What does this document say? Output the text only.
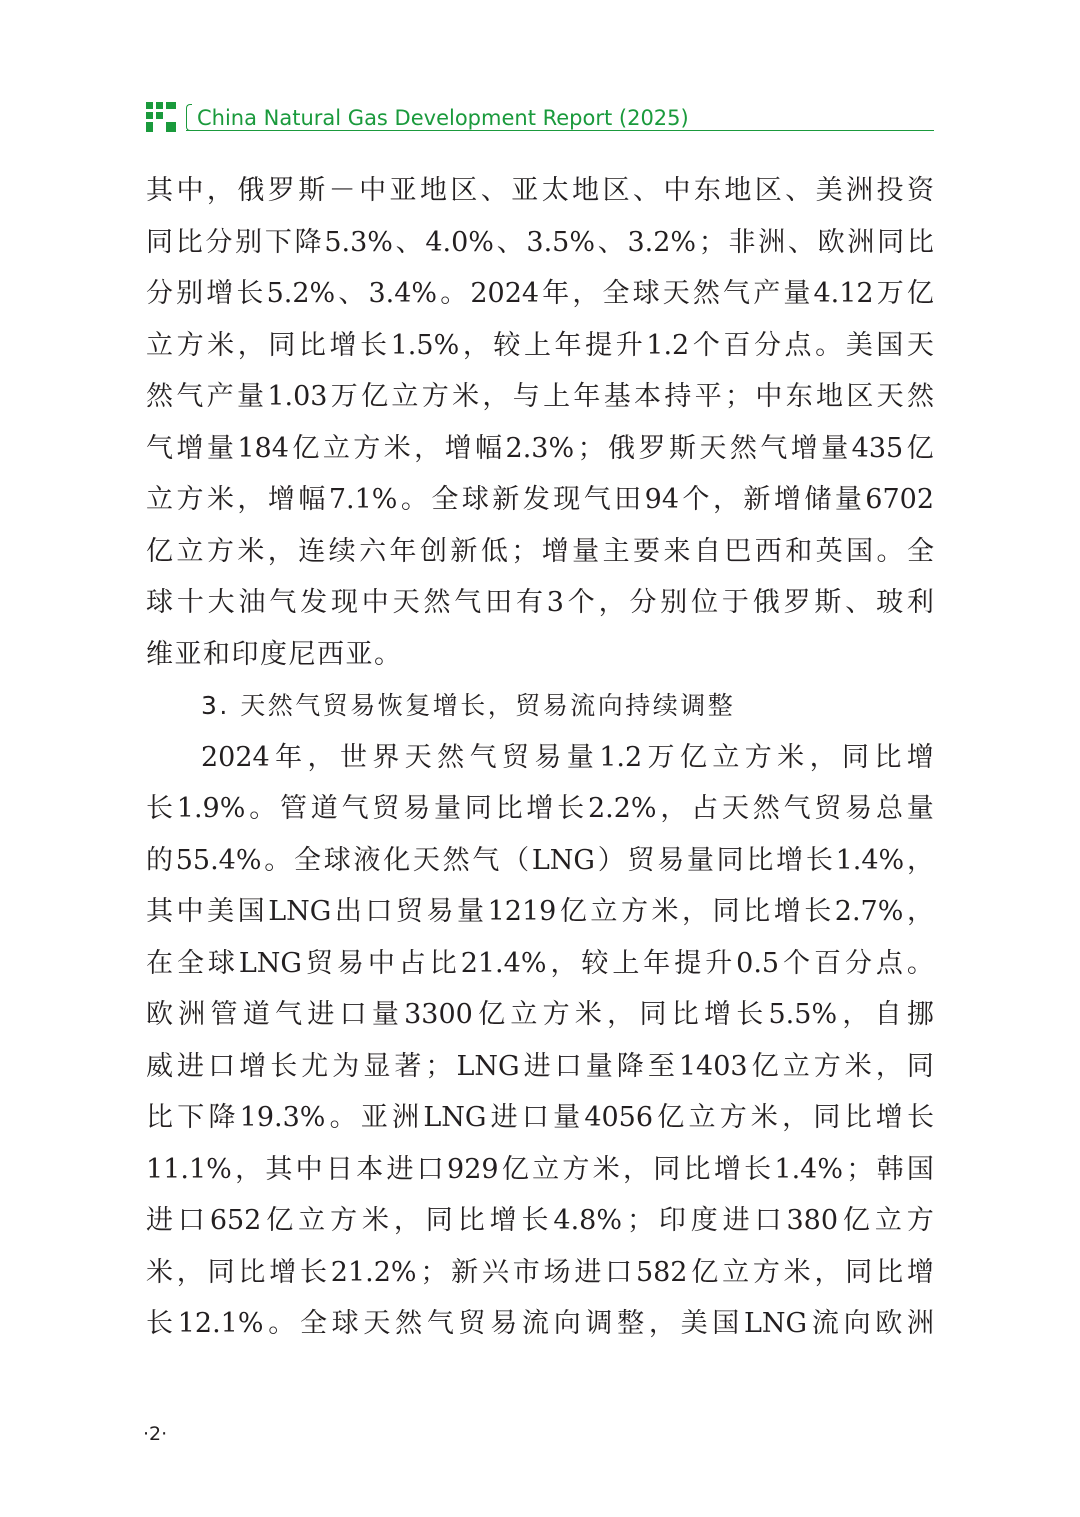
China Natural Gas Development Report (2025)
其 中 ， 俄 罗 斯 － 中 亚 地 区 、 亚 太 地 区 、 中 东 地 区 、 美 洲 投 资
同 比 分 别 下 降 5.3% 、 4.0% 、 3.5% 、 3.2% ； 非 洲 、 欧 洲 同 比
分 别 增 长 5.2% 、 3.4% 。 2024 年 ， 全 球 天 然 气 产 量 4.12 万 亿
立 方 米 ， 同 比 增 长 1.5% ， 较 上 年 提 升 1.2 个 百 分 点 。 美 国 天
然 气 产 量 1.03 万 亿 立 方 米 ， 与 上 年 基 本 持 平 ； 中 东 地 区 天 然
气 增 量 184 亿 立 方 米 ， 增 幅 2.3% ； 俄 罗 斯 天 然 气 增 量 435 亿
立 方 米 ， 增 幅 7.1% 。 全 球 新 发 现 气 田 94 个 ， 新 增 储 量 6702
亿 立 方 米 ， 连 续 六 年 创 新 低 ； 增 量 主 要 来 自 巴 西 和 英 国 。 全
球 十 大 油 气 发 现 中 天 然 气 田 有 3 个 ， 分 别 位 于 俄 罗 斯 、 玻 利
维亚和印度尼西亚。
3. 天然气贸易恢复增长，贸易流向持续调整
2024 年 ， 世 界 天 然 气 贸 易 量 1.2 万 亿 立 方 米 ， 同 比 增
长 1.9% 。 管 道 气 贸 易 量 同 比 增 长 2.2% ， 占 天 然 气 贸 易 总 量
的 55.4% 。 全 球 液 化 天 然 气 （ LNG ） 贸 易 量 同 比 增 长 1.4% ，
其 中 美 国 LNG 出 口 贸 易 量 1219 亿 立 方 米 ， 同 比 增 长 2.7% ，
在 全 球 LNG 贸 易 中 占 比 21.4% ， 较 上 年 提 升 0.5 个 百 分 点 。
欧 洲 管 道 气 进 口 量 3300 亿 立 方 米 ， 同 比 增 长 5.5% ， 自 挪
威 进 口 增 长 尤 为 显 著 ； LNG 进 口 量 降 至 1403 亿 立 方 米 ， 同
比 下 降 19.3% 。 亚 洲 LNG 进 口 量 4056 亿 立 方 米 ， 同 比 增 长
11.1% ， 其 中 日 本 进 口 929 亿 立 方 米 ， 同 比 增 长 1.4% ； 韩 国
进 口 652 亿 立 方 米 ， 同 比 增 长 4.8% ； 印 度 进 口 380 亿 立 方
米 ， 同 比 增 长 21.2% ； 新 兴 市 场 进 口 582 亿 立 方 米 ， 同 比 增
长 12.1% 。 全 球 天 然 气 贸 易 流 向 调 整 ， 美 国 LNG 流 向 欧 洲
·2·
